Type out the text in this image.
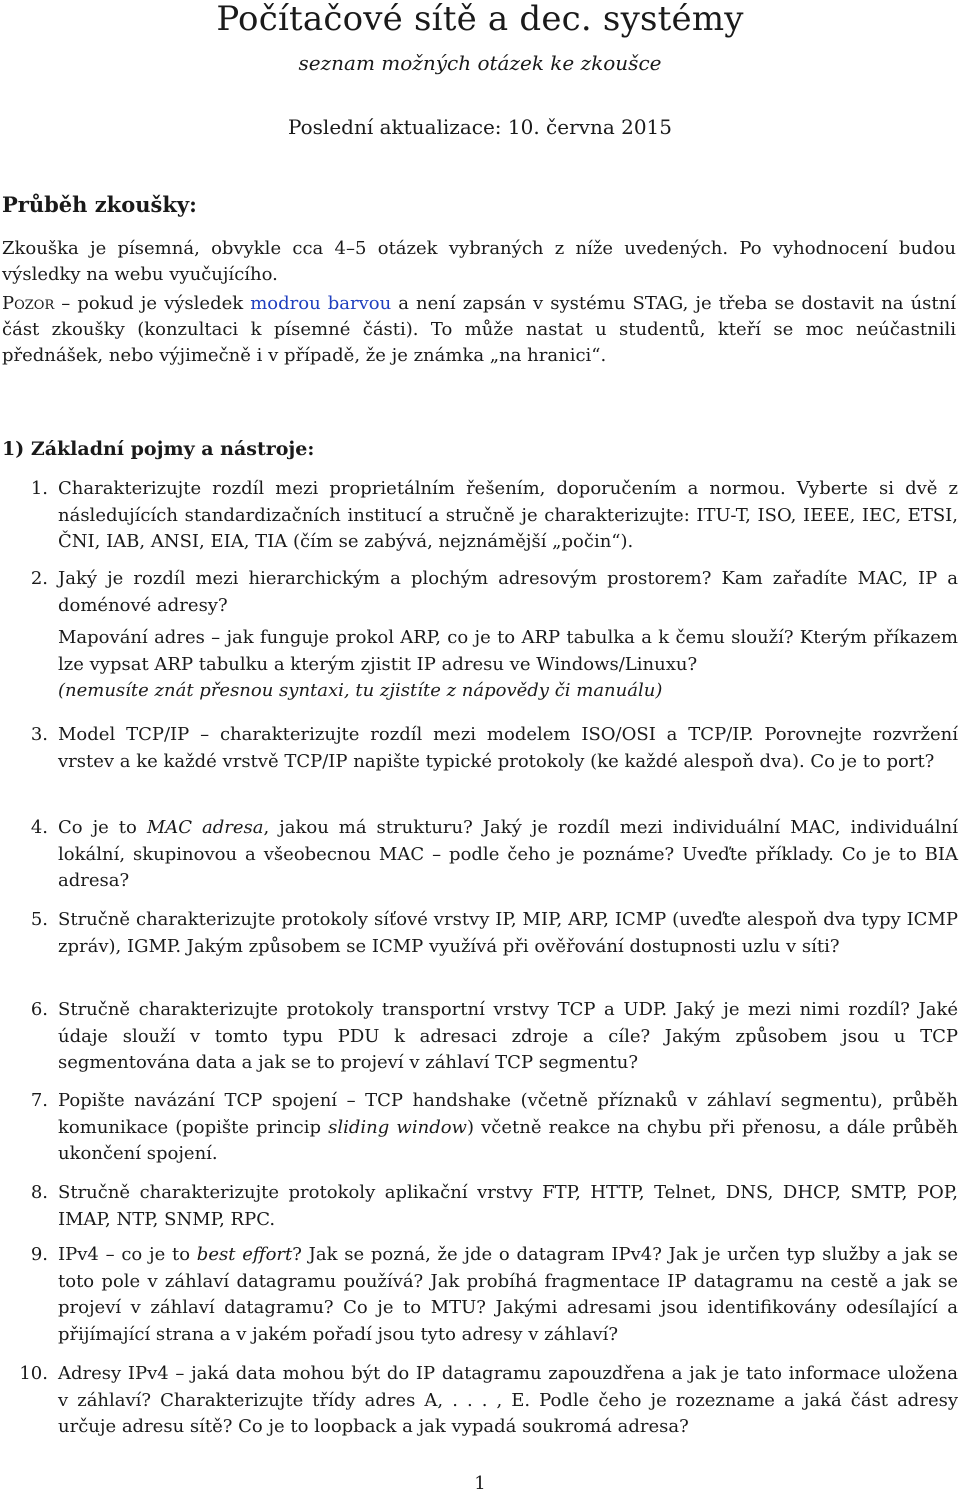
Počítačové sítě a dec. systémy
seznam možných otázek ke zkoušce
Poslední aktualizace: 10. června 2015
Průběh zkoušky:

Zkouška je písemná, obvykle cca 4–5 otázek vybraných z níže uvedených. Po vyhodnocení budou výsledky na webu vyučujícího.

Pozor – pokud je výsledek modrou barvou a není zapsán v systému STAG, je třeba se dostavit na ústní část zkoušky (konzultaci k písemné části). To může nastat u studentů, kteří se moc neúčastnili přednášek, nebo výjimečně i v případě, že je známka „na hranici“.

1) Základní pojmy a nástroje:
1. Charakterizujte rozdíl mezi proprietálním řešením, doporučením a normou. Vyberte si dvě z následujících standardizačních institucí a stručně je charakterizujte: ITU-T, ISO, IEEE, IEC, ETSI, ČNI, IAB, ANSI, EIA, TIA (čím se zabývá, nejznámější „počin“).

2. Jaký je rozdíl mezi hierarchickým a plochým adresovým prostorem? Kam zařadíte MAC, IP a doménové adresy?

Mapování adres – jak funguje prokol ARP, co je to ARP tabulka a k čemu slouží? Kterým příkazem lze vypsat ARP tabulku a kterým zjistit IP adresu ve Windows/Linuxu?

(nemusíte znát přesnou syntaxi, tu zjistíte z nápovědy či manuálu)

3. Model TCP/IP – charakterizujte rozdíl mezi modelem ISO/OSI a TCP/IP. Porovnejte rozvržení vrstev a ke každé vrstvě TCP/IP napište typické protokoly (ke každé alespoň dva). Co je to port?

4. Co je to MAC adresa, jakou má strukturu? Jaký je rozdíl mezi individuální MAC, individuální lokální, skupinovou a všeobecnou MAC – podle čeho je poznáme? Uveďte příklady. Co je to BIA adresa?

5. Stručně charakterizujte protokoly síťové vrstvy IP, MIP, ARP, ICMP (uveďte alespoň dva typy ICMP zpráv), IGMP. Jakým způsobem se ICMP využívá při ověřování dostupnosti uzlu v síti?

6. Stručně charakterizujte protokoly transportní vrstvy TCP a UDP. Jaký je mezi nimi rozdíl? Jaké údaje slouží v tomto typu PDU k adresaci zdroje a cíle? Jakým způsobem jsou u TCP segmentována data a jak se to projeví v záhlaví TCP segmentu?

7. Popište navázání TCP spojení – TCP handshake (včetně příznaků v záhlaví segmentu), průběh komunikace (popište princip sliding window) včetně reakce na chybu při přenosu, a dále průběh ukončení spojení.

8. Stručně charakterizujte protokoly aplikační vrstvy FTP, HTTP, Telnet, DNS, DHCP, SMTP, POP, IMAP, NTP, SNMP, RPC.

9. IPv4 – co je to best effort? Jak se pozná, že jde o datagram IPv4? Jak je určen typ služby a jak se toto pole v záhlaví datagramu používá? Jak probíhá fragmentace IP datagramu na cestě a jak se projeví v záhlaví datagramu? Co je to MTU? Jakými adresami jsou identifikovány odesílající a přijímající strana a v jakém pořadí jsou tyto adresy v záhlaví?

10. Adresy IPv4 – jaká data mohou být do IP datagramu zapouzdřena a jak je tato informace uložena v záhlaví? Charakterizujte třídy adres A, . . . , E. Podle čeho je rozezname a jaká část adresy určuje adresu sítě? Co je to loopback a jak vypadá soukromá adresa?

1
